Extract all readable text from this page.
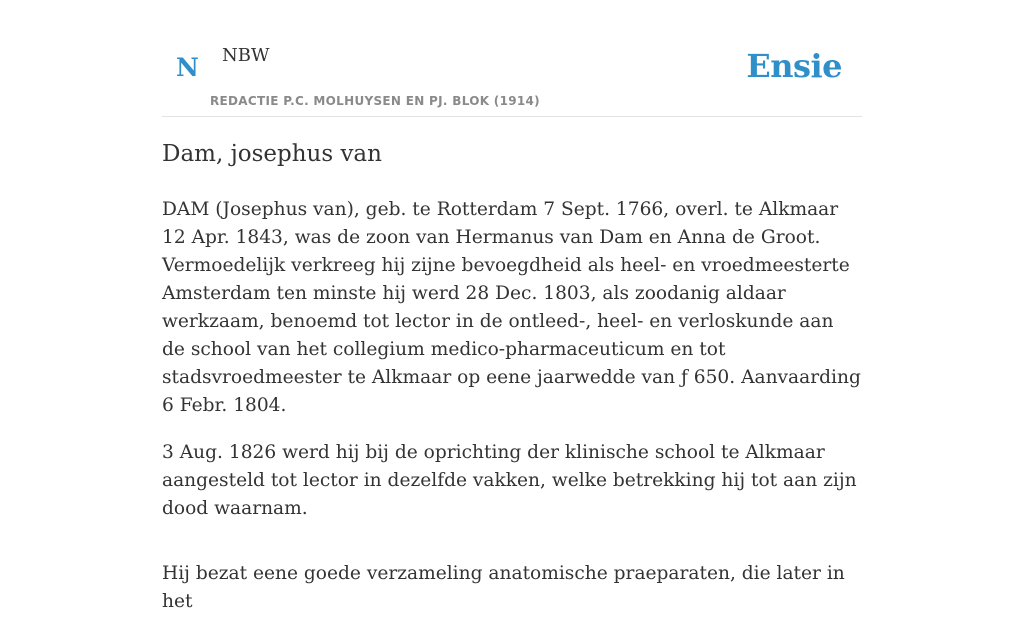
N NBW
REDACTIE P.C. MOLHUYSEN EN PJ. BLOK (1914)
Ensie
Dam, josephus van

DAM (Josephus van), geb. te Rotterdam 7 Sept. 1766, overl. te Alkmaar 12 Apr. 1843, was de zoon van Hermanus van Dam en Anna de Groot. Vermoedelijk verkreeg hij zijne bevoegdheid als heel- en vroedmeesterte Amsterdam ten minste hij werd 28 Dec. 1803, als zoodanig aldaar werkzaam, benoemd tot lector in de ontleed-, heel- en verloskunde aan de school van het collegium medico-pharmaceuticum en tot stadsvroedmeester te Alkmaar op eene jaarwedde van ƒ 650. Aanvaarding 6 Febr. 1804.

3 Aug. 1826 werd hij bij de oprichting der klinische school te Alkmaar aangesteld tot lector in dezelfde vakken, welke betrekking hij tot aan zijn dood waarnam.

Hij bezat eene goede verzameling anatomische praeparaten, die later in het
